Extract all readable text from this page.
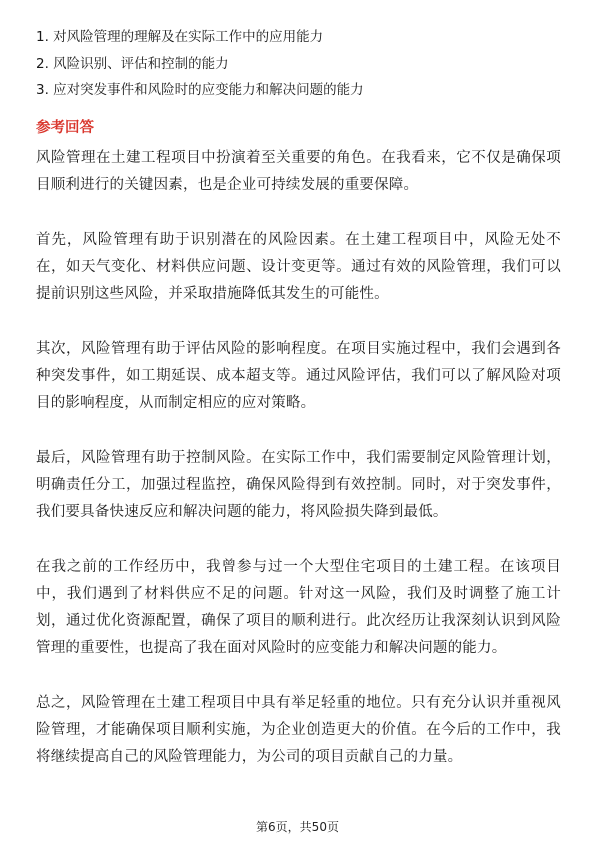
1. 对风险管理的理解及在实际工作中的应用能力
2. 风险识别、评估和控制的能力
3. 应对突发事件和风险时的应变能力和解决问题的能力
参考回答

风险管理在土建工程项目中扮演着至关重要的角色。在我看来，它不仅是确保项目顺利进行的关键因素，也是企业可持续发展的重要保障。

首先，风险管理有助于识别潜在的风险因素。在土建工程项目中，风险无处不在，如天气变化、材料供应问题、设计变更等。通过有效的风险管理，我们可以提前识别这些风险，并采取措施降低其发生的可能性。

其次，风险管理有助于评估风险的影响程度。在项目实施过程中，我们会遇到各种突发事件，如工期延误、成本超支等。通过风险评估，我们可以了解风险对项目的影响程度，从而制定相应的应对策略。

最后，风险管理有助于控制风险。在实际工作中，我们需要制定风险管理计划，明确责任分工，加强过程监控，确保风险得到有效控制。同时，对于突发事件，我们要具备快速反应和解决问题的能力，将风险损失降到最低。

在我之前的工作经历中，我曾参与过一个大型住宅项目的土建工程。在该项目中，我们遇到了材料供应不足的问题。针对这一风险，我们及时调整了施工计划，通过优化资源配置，确保了项目的顺利进行。此次经历让我深刻认识到风险管理的重要性，也提高了我在面对风险时的应变能力和解决问题的能力。

总之，风险管理在土建工程项目中具有举足轻重的地位。只有充分认识并重视风险管理，才能确保项目顺利实施，为企业创造更大的价值。在今后的工作中，我将继续提高自己的风险管理能力，为公司的项目贡献自己的力量。

第6页，共50页
